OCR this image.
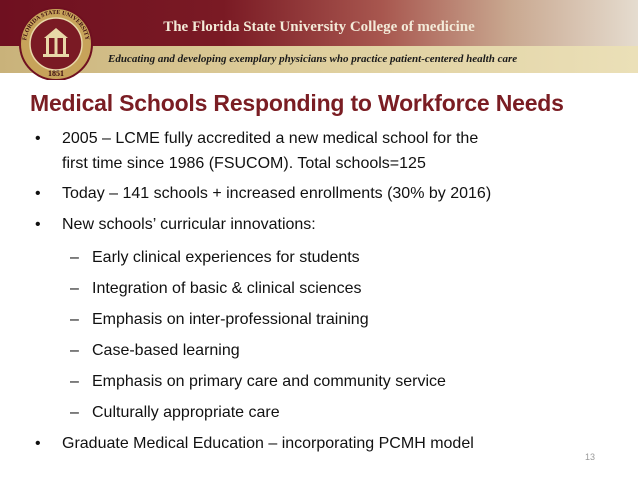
The Florida State University College of medicine
Educating and developing exemplary physicians who practice patient-centered health care
1851
FLORIDA STATE UNIVERSITY
Medical Schools Responding to Workforce Needs
• 2005 – LCME fully accredited a new medical school for the
first time since 1986 (FSUCOM). Total schools=125
• Today – 141 schools + increased enrollments (30% by 2016)
• New schools’ curricular innovations:
– Early clinical experiences for students
– Integration of basic & clinical sciences
– Emphasis on inter-professional training
– Case-based learning
– Emphasis on primary care and community service
– Culturally appropriate care
• Graduate Medical Education – incorporating PCMH model
13
